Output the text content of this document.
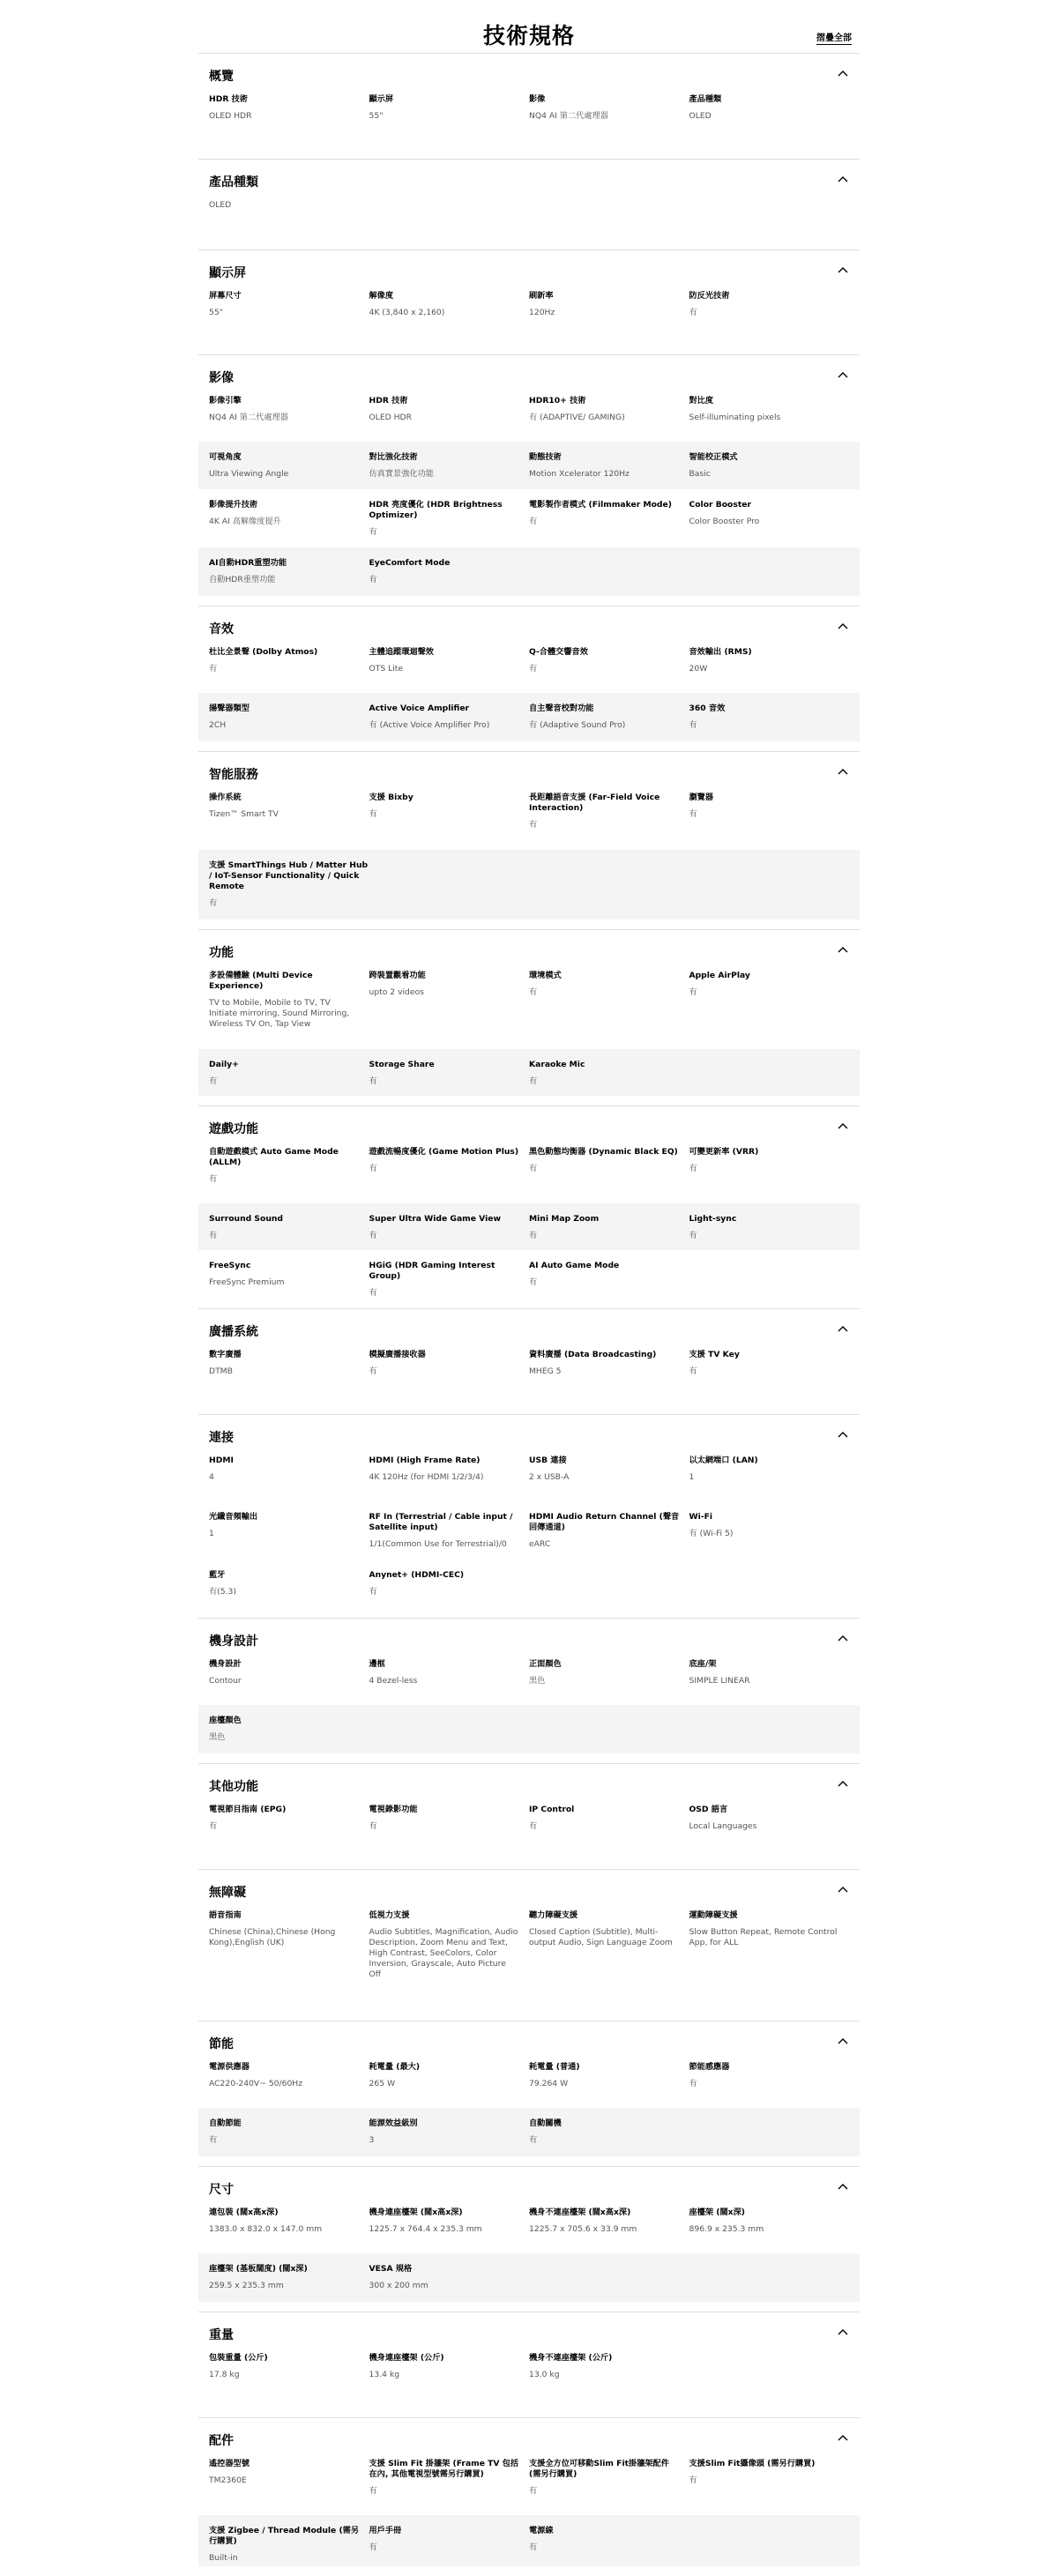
技術規格	摺疊全部
概覽
HDR 技術
OLED HDR
顯示屏
55"
影像
NQ4 AI 第二代處理器
產品種類
OLED
產品種類
OLED
顯示屏
屏幕尺寸
55"
解像度
4K (3,840 x 2,160)
刷新率
120Hz
防反光技術
有
影像
影像引擎
NQ4 AI 第二代處理器
HDR 技術
OLED HDR
HDR10+ 技術
有 (ADAPTIVE/ GAMING)
對比度
Self-illuminating pixels
可視角度
Ultra Viewing Angle
對比強化技術
仿真實景強化功能
動態技術
Motion Xcelerator 120Hz
智能校正模式
Basic
影像提升技術
4K AI 高解像度提升
HDR 亮度優化 (HDR Brightness Optimizer)
有
電影製作者模式 (Filmmaker Mode)
有
Color Booster
Color Booster Pro
AI自動HDR重塑功能
自動HDR重塑功能
EyeComfort Mode
有
音效
杜比全景聲 (Dolby Atmos)
有
主體追蹤環迴聲效
OTS Lite
Q-合體交響音效
有
音效輸出 (RMS)
20W
揚聲器類型
2CH
Active Voice Amplifier
有 (Active Voice Amplifier Pro)
自主聲音校對功能
有 (Adaptive Sound Pro)
360 音效
有
智能服務
操作系統
Tizen™ Smart TV
支援 Bixby
有
長距離語音支援 (Far-Field Voice Interaction)
有
瀏覽器
有
支援 SmartThings Hub / Matter Hub / IoT-Sensor Functionality / Quick Remote
有
功能
多設備體驗 (Multi Device Experience)
TV to Mobile, Mobile to TV, TV Initiate mirroring, Sound Mirroring, Wireless TV On, Tap View
跨裝置觀看功能
upto 2 videos
環境模式
有
Apple AirPlay
有
Daily+
有
Storage Share
有
Karaoke Mic
有
遊戲功能
自動遊戲模式 Auto Game Mode (ALLM)
有
遊戲流暢度優化 (Game Motion Plus)
有
黑色動態均衡器 (Dynamic Black EQ)
有
可變更新率 (VRR)
有
Surround Sound
有
Super Ultra Wide Game View
有
Mini Map Zoom
有
Light-sync
有
FreeSync
FreeSync Premium
HGiG (HDR Gaming Interest Group)
有
AI Auto Game Mode
有
廣播系統
數字廣播
DTMB
模擬廣播接收器
有
資料廣播 (Data Broadcasting)
MHEG 5
支援 TV Key
有
連接
HDMI
4
HDMI (High Frame Rate)
4K 120Hz (for HDMI 1/2/3/4)
USB 連接
2 x USB-A
以太網端口 (LAN)
1
光纖音頻輸出
1
RF In (Terrestrial / Cable input / Satellite input)
1/1(Common Use for Terrestrial)/0
HDMI Audio Return Channel (聲音回傳通道)
eARC
Wi-Fi
有 (Wi-Fi 5)
藍牙
有(5.3)
Anynet+ (HDMI-CEC)
有
機身設計
機身設計
Contour
邊框
4 Bezel-less
正面顏色
黑色
底座/架
SIMPLE LINEAR
座檯顏色
黑色
其他功能
電視節目指南 (EPG)
有
電視錄影功能
有
IP Control
有
OSD 語言
Local Languages
無障礙
語音指南
Chinese (China),Chinese (Hong Kong),English (UK)
低視力支援
Audio Subtitles, Magnification, Audio Description, Zoom Menu and Text, High Contrast, SeeColors, Color Inversion, Grayscale, Auto Picture Off
聽力障礙支援
Closed Caption (Subtitle), Multi-output Audio, Sign Language Zoom
運動障礙支援
Slow Button Repeat, Remote Control App, for ALL
節能
電源供應器
AC220-240V~ 50/60Hz
耗電量 (最大)
265 W
耗電量 (普通)
79.264 W
節能感應器
有
自動節能
有
能源效益級別
3
自動關機
有
尺寸
連包裝 (闊x高x深)
1383.0 x 832.0 x 147.0 mm
機身連座檯架 (闊x高x深)
1225.7 x 764.4 x 235.3 mm
機身不連座檯架 (闊x高x深)
1225.7 x 705.6 x 33.9 mm
座檯架 (闊x深)
896.9 x 235.3 mm
座檯架 (基板闊度) (闊x深)
259.5 x 235.3 mm
VESA 規格
300 x 200 mm
重量
包裝重量 (公斤)
17.8 kg
機身連座檯架 (公斤)
13.4 kg
機身不連座檯架 (公斤)
13.0 kg
配件
遙控器型號
TM2360E
支援 Slim Fit 掛牆架 (Frame TV 包括在內, 其他電視型號需另行購買)
有
支援全方位可移動Slim Fit掛牆架配件 (需另行購買)
有
支援Slim Fit攝像頭 (需另行購買)
有
支援 Zigbee / Thread Module (需另行購買)
Built-in
用戶手冊
有
電源線
有
